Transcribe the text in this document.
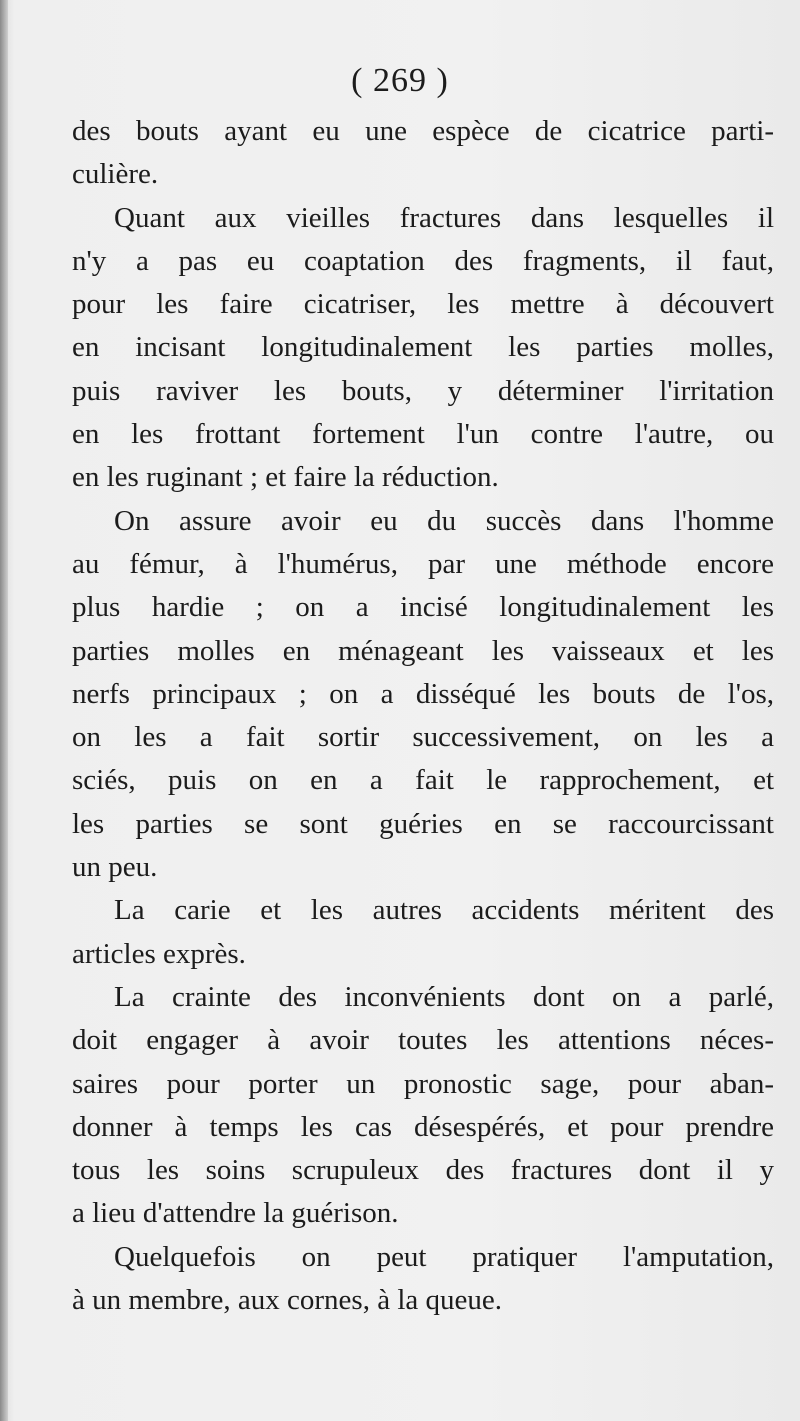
( 269 )

des bouts ayant eu une espèce de cicatrice parti-
culière.

Quant aux vieilles fractures dans lesquelles il
n'y a pas eu coaptation des fragments, il faut,
pour les faire cicatriser, les mettre à découvert
en incisant longitudinalement les parties molles,
puis raviver les bouts, y déterminer l'irritation
en les frottant fortement l'un contre l'autre, ou
en les ruginant ; et faire la réduction.

On assure avoir eu du succès dans l'homme
au fémur, à l'humérus, par une méthode encore
plus hardie ; on a incisé longitudinalement les
parties molles en ménageant les vaisseaux et les
nerfs principaux ; on a disséqué les bouts de l'os,
on les a fait sortir successivement, on les a
sciés, puis on en a fait le rapprochement, et
les parties se sont guéries en se raccourcissant
un peu.

La carie et les autres accidents méritent des
articles exprès.

La crainte des inconvénients dont on a parlé,
doit engager à avoir toutes les attentions néces-
saires pour porter un pronostic sage, pour aban-
donner à temps les cas désespérés, et pour prendre
tous les soins scrupuleux des fractures dont il y
a lieu d'attendre la guérison.

Quelquefois on peut pratiquer l'amputation,
à un membre, aux cornes, à la queue.
